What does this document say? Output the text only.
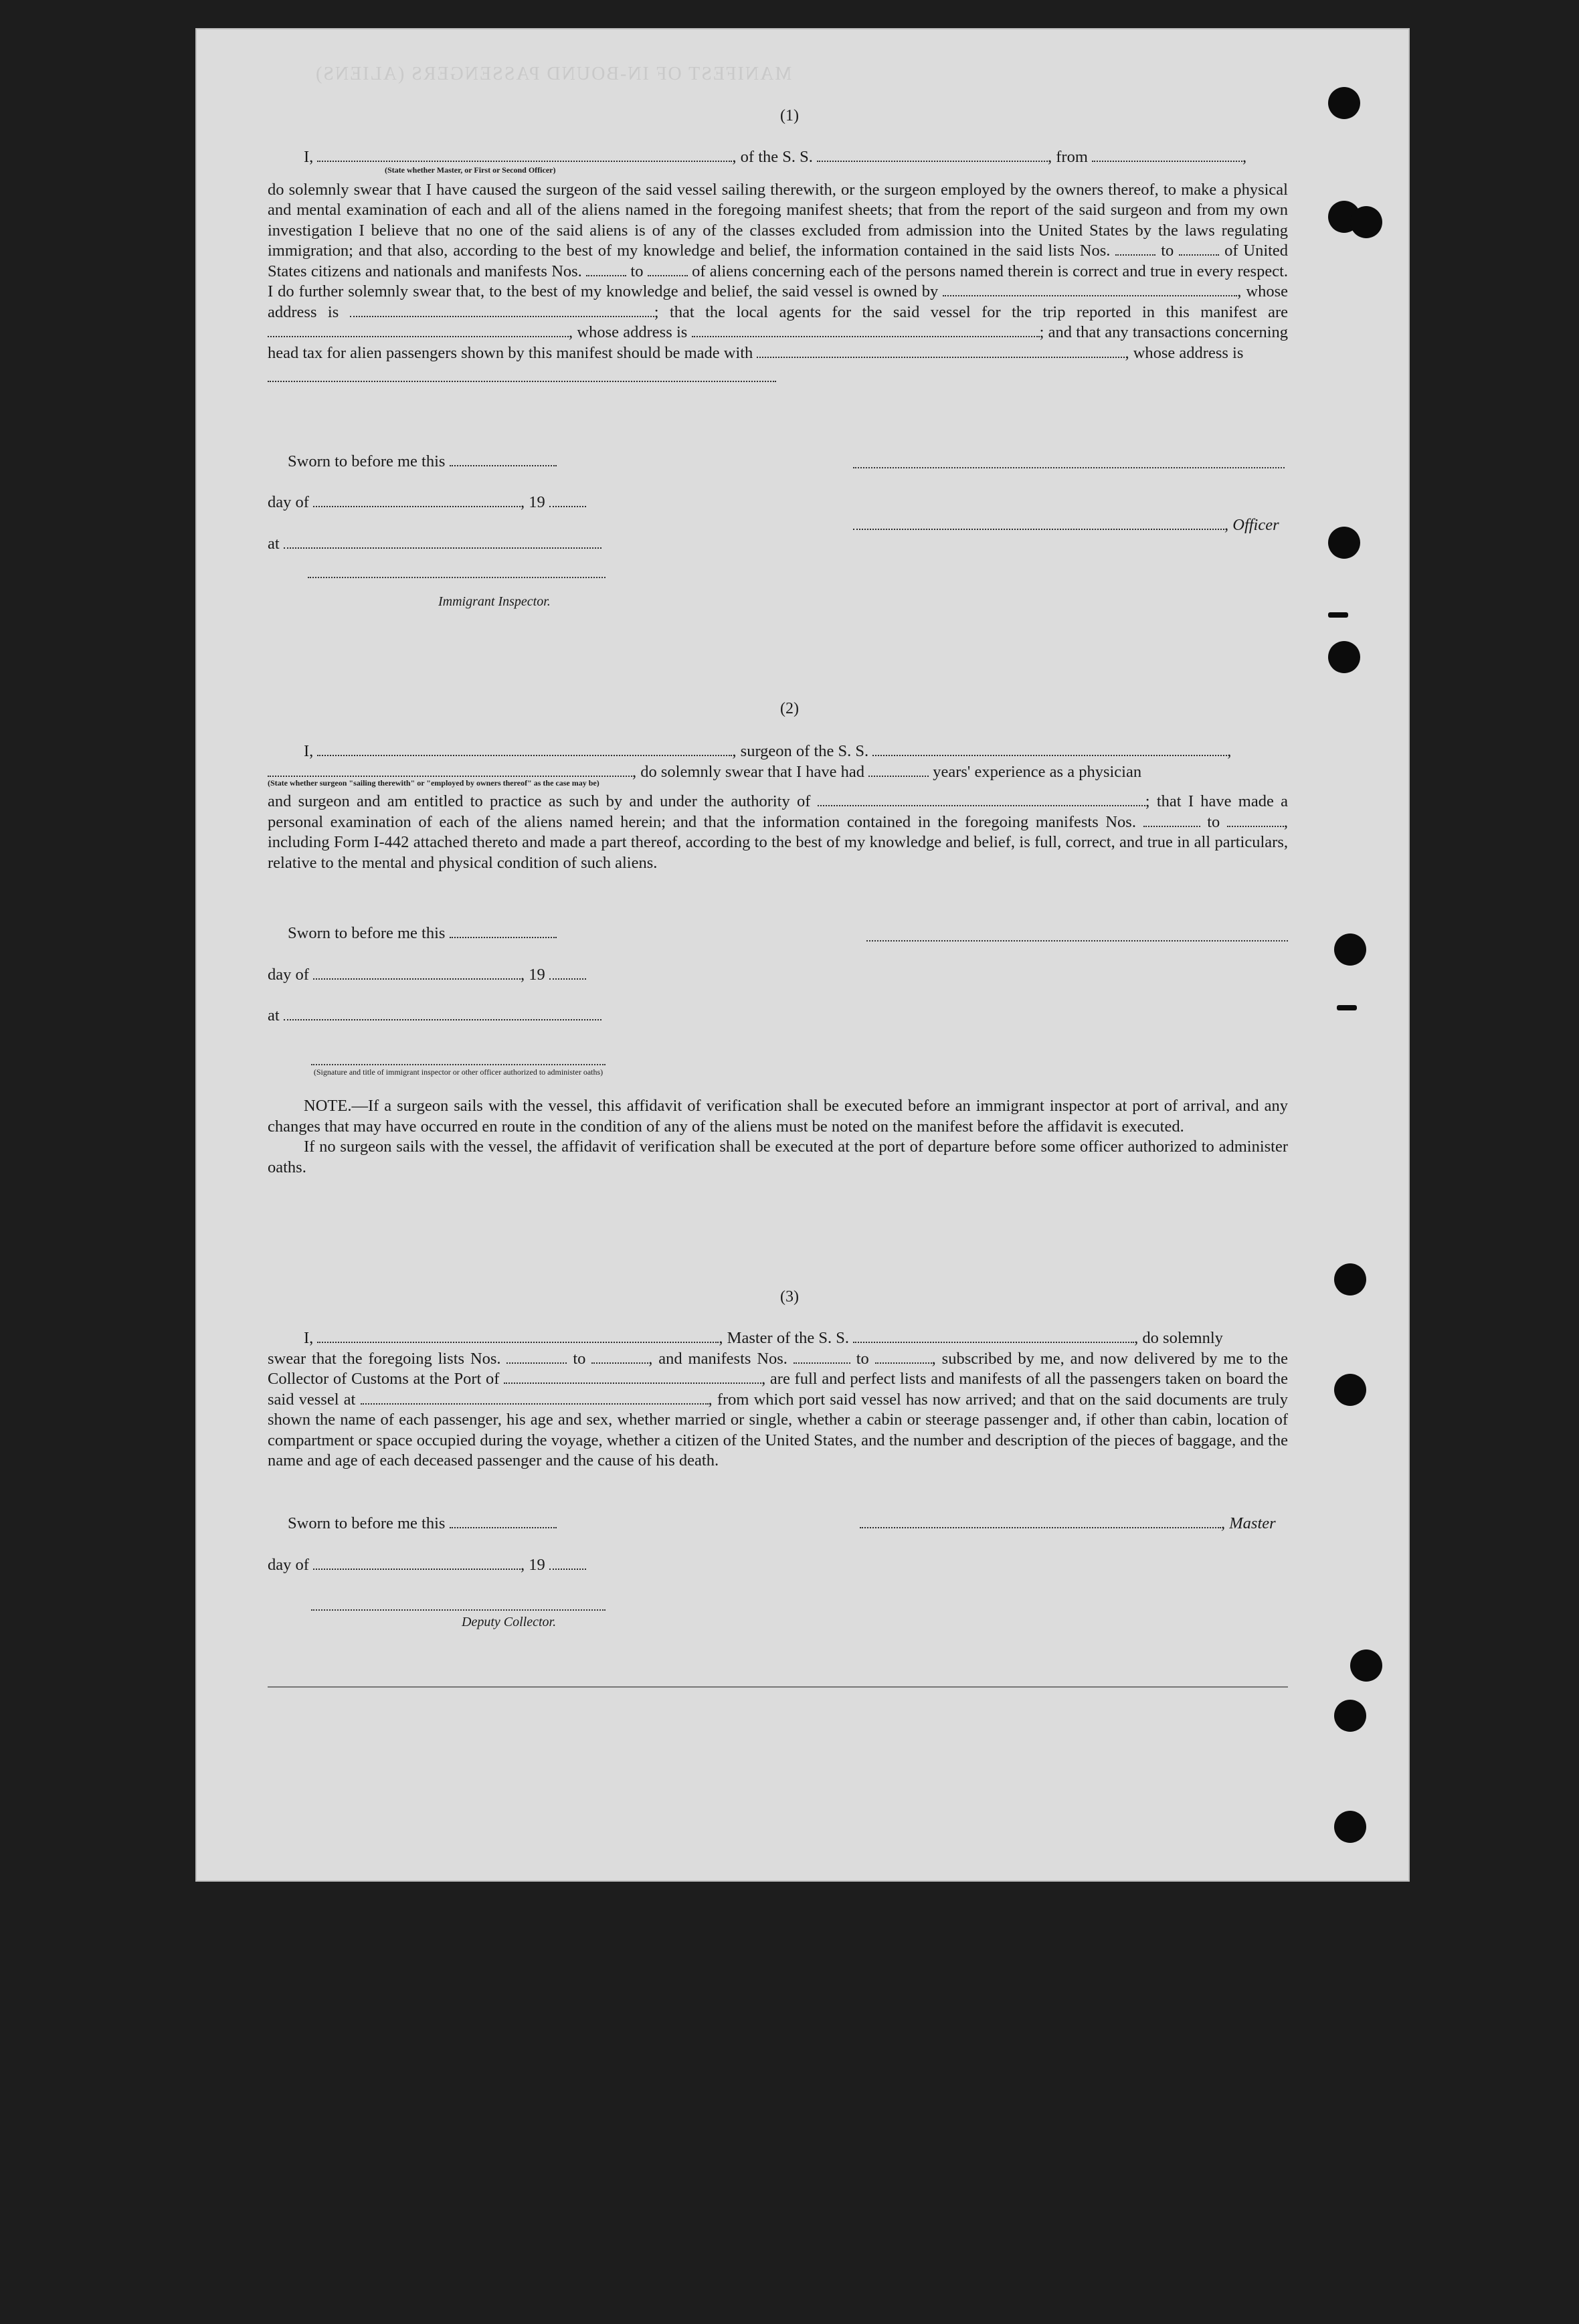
MANIFEST OF IN-BOUND PASSENGERS (ALIENS)
(1)
I,	, of the S. S.	, from	,
(State whether Master, or First or Second Officer)
do solemnly swear that I have caused the surgeon of the said vessel sailing therewith, or the surgeon employed by the owners thereof, to make a physical and mental examination of each and all of the aliens named in the foregoing manifest sheets; that from the report of the said surgeon and from my own investigation I believe that no one of the said aliens is of any of the classes excluded from admission into the United States by the laws regulating immigration; and that also, according to the best of my knowledge and belief, the information contained in the said lists Nos.	to	of United States citizens and nationals and manifests Nos.	to	of aliens concerning each of the persons named therein is correct and true in every respect. I do further solemnly swear that, to the best of my knowledge and belief, the said vessel is owned by	, whose address is	; that the local agents for the said vessel for the trip reported in this manifest are , whose address is	; and that any transactions concerning head tax for alien passengers shown by this manifest should be made with	, whose address is
Sworn to before me this
day of	, 19
at
Immigrant Inspector.
, Officer
(2)
I,	, surgeon of the S. S.	,
, do solemnly swear that I have had	years' experience as a physician
(State whether surgeon "sailing therewith" or "employed by owners thereof" as the case may be)
and surgeon and am entitled to practice as such by and under the authority of	; that I have made a personal examination of each of the aliens named herein; and that the information contained in the foregoing manifests Nos.	to	, including Form I-442 attached thereto and made a part thereof, according to the best of my knowledge and belief, is full, correct, and true in all particulars, relative to the mental and physical condition of such aliens.
Sworn to before me this
day of	, 19
at
(Signature and title of immigrant inspector or other officer authorized to administer oaths)
NOTE.—If a surgeon sails with the vessel, this affidavit of verification shall be executed before an immigrant inspector at port of arrival, and any changes that may have occurred en route in the condition of any of the aliens must be noted on the manifest before the affidavit is executed.
If no surgeon sails with the vessel, the affidavit of verification shall be executed at the port of departure before some officer authorized to administer oaths.
(3)
I,	, Master of the S. S.	, do solemnly
swear that the foregoing lists Nos.	to	, and manifests Nos.	to	, subscribed by me, and now delivered by me to the Collector of Customs at the Port of	, are full and perfect lists and manifests of all the passengers taken on board the said vessel at	, from which port said vessel has now arrived; and that on the said documents are truly shown the name of each passenger, his age and sex, whether married or single, whether a cabin or steerage passenger and, if other than cabin, location of compartment or space occupied during the voyage, whether a citizen of the United States, and the number and description of the pieces of baggage, and the name and age of each deceased passenger and the cause of his death.
Sworn to before me this	, Master
day of	, 19
Deputy Collector.
